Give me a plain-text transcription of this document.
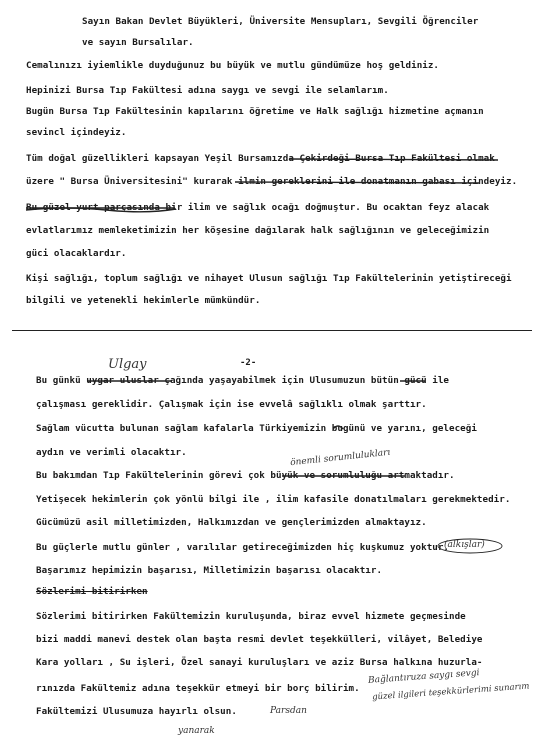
Sayın Bakan Devlet Büyükleri, Üniversite Mensupları, Sevgili Öğrenciler
ve sayın Bursalılar.
Cemalınızı iyiemlikle duyduğunuz bu büyük ve mutlu gündümüze hoş geldiniz.
Hepinizi Bursa Tıp Fakültesi adına saygı ve sevgi ile selamlarım.
Bugün Bursa Tıp Fakültesinin kapılarını öğretime ve Halk sağlığı hizmetine açmanın
sevincl içindeyiz.
Tüm doğal güzellikleri kapsayan Yeşil Bursamızda Çekirdeği Bursa Tıp Fakültesi olmak
üzere " Bursa Üniversitesini" kurarak ilmin gereklerini ile donatmanın gabası içindeyiz.
Bu güzel yurt parçasında bir ilim ve sağlık ocağı doğmuştur. Bu ocaktan feyz alacak
evlatlarımız memleketimizin her köşesine dağılarak halk sağlığının ve geleceğimizin
güci olacaklardır.
Kişi sağlığı, toplum sağlığı ve nihayet Ulusun sağlığı Tıp Fakültelerinin yetiştireceği
bilgili ve yetenekli hekimlerle mümkündür.
-2-
Ulgay
Bu günkü uygar uluslar çağında yaşayabilmek için Ulusumuzun bütün gücü ile
çalışması gereklidir. Çalışmak için ise evvelâ sağlıklı olmak şarttır.
Sağlam vücutta bulunan sağlam kafalarla Türkiyemizin bugünü ve yarını, geleceği
aydın ve verimli olacaktır.	önemli sorumlulukları
Bu bakımdan Tıp Fakültelerinin görevi çok büyük ve sorumluluğu artmaktadır.
Yetişecek hekimlerin çok yönlü bilgi ile , ilim kafasile donatılmaları gerekmektedir.
Gücümüzü asil milletimizden, Halkımızdan ve gençlerimizden almaktayız.
Bu güçlerle mutlu günler , varılılar getireceğimizden hiç kuşkumuz yoktur.
(alkışlar)
Başarımız hepimizin başarısı, Milletimizin başarısı olacaktır.
Sözlerimi bitirirken
Sözlerimi bitirirken Fakültemizin kuruluşunda, biraz evvel hizmete geçmesinde
bizi maddi manevi destek olan başta resmi devlet teşekkülleri, vilâyet, Belediye
Kara yolları , Su işleri, Özel sanayi kuruluşları ve aziz Bursa halkına huzurla-
rınızda Fakültemiz adına teşekkür etmeyi bir borç bilirim.
Fakültemizi Ulusumuza hayırlı olsun.
Bağlantıruza saygı sevgi
güzel ilgileri teşekkürlerimi sunarım
Parsdan
yanarak
